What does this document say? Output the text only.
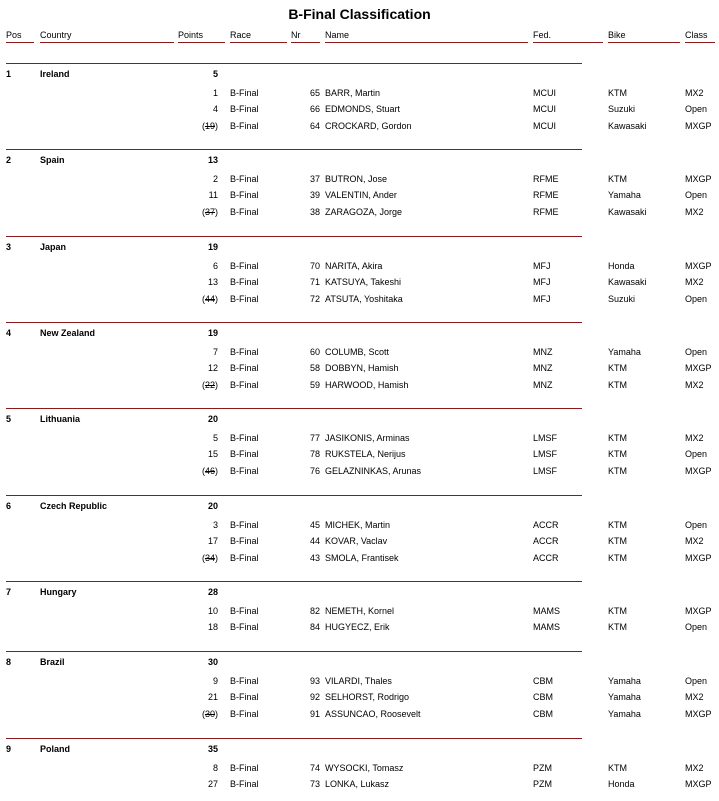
B-Final Classification
Pos Country	Points	Race	Nr	Name	Fed.	Bike	Class
1	Ireland	5
1 B-Final	65 BARR, Martin	MCUI	KTM	MX2
4 B-Final	66 EDMONDS, Stuart	MCUI	Suzuki	Open
(19) B-Final	64 CROCKARD, Gordon	MCUI	Kawasaki	MXGP
2	Spain	13
2 B-Final	37 BUTRON, Jose	RFME	KTM	MXGP
11 B-Final	39 VALENTIN, Ander	RFME	Yamaha	Open
(37) B-Final	38 ZARAGOZA, Jorge	RFME	Kawasaki	MX2
3	Japan	19
6 B-Final	70 NARITA, Akira	MFJ	Honda	MXGP
13 B-Final	71 KATSUYA, Takeshi	MFJ	Kawasaki	MX2
(44) B-Final	72 ATSUTA, Yoshitaka	MFJ	Suzuki	Open
4	New Zealand	19
7 B-Final	60 COLUMB, Scott	MNZ	Yamaha	Open
12 B-Final	58 DOBBYN, Hamish	MNZ	KTM	MXGP
(22) B-Final	59 HARWOOD, Hamish	MNZ	KTM	MX2
5	Lithuania	20
5 B-Final	77 JASIKONIS, Arminas	LMSF	KTM	MX2
15 B-Final	78 RUKSTELA, Nerijus	LMSF	KTM	Open
(46) B-Final	76 GELAZNINKAS, Arunas	LMSF	KTM	MXGP
6	Czech Republic	20
3 B-Final	45 MICHEK, Martin	ACCR	KTM	Open
17 B-Final	44 KOVAR, Vaclav	ACCR	KTM	MX2
(34) B-Final	43 SMOLA, Frantisek	ACCR	KTM	MXGP
7	Hungary	28
10 B-Final	82 NEMETH, Kornel	MAMS	KTM	MXGP
18 B-Final	84 HUGYECZ, Erik	MAMS	KTM	Open
8	Brazil	30
9 B-Final	93 VILARDI, Thales	CBM	Yamaha	Open
21 B-Final	92 SELHORST, Rodrigo	CBM	Yamaha	MX2
(30) B-Final	91 ASSUNCAO, Roosevelt	CBM	Yamaha	MXGP
9	Poland	35
8 B-Final	74 WYSOCKI, Tomasz	PZM	KTM	MX2
27 B-Final	73 LONKA, Lukasz	PZM	Honda	MXGP
